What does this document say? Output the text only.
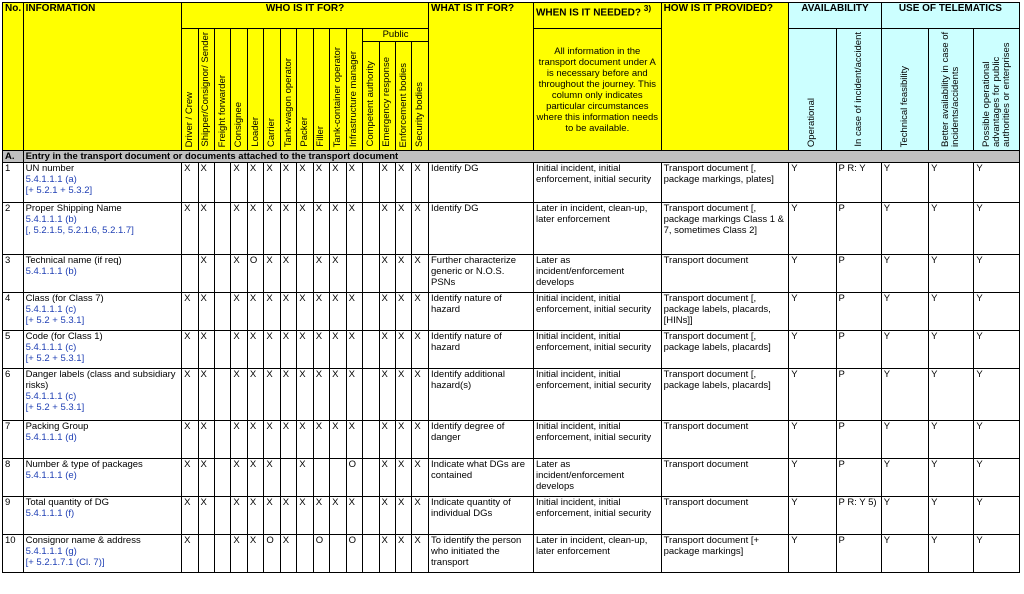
No.	INFORMATION	WHO IS IT FOR?															WHAT IS IT FOR?	WHEN IS IT NEEDED? $^{3)}$	HOW IS IT PROVIDED?	AVAILABILITY		USE OF TELEMATICS		
		Driver / Crew	Shipper/Consignor/ Sender	Freight forwarder	Consignee	Loader	Carrier	Tank-wagon operator	Packer	Filler	Tank-container operator	Infrastructure manager	Public					All information in the transport document under A is necessary before and throughout the journey. This column only indicates particular circumstances where this information needs to be available.		Operational	In case of incident/accident	Technical feasibility	Better availability in case of incidents/accidents	Possible operational advantages for public authorities or enterprises
													Competent authority	Emergency response	Enforcement bodies	Security bodies								
A.	Entry in the transport document or documents attached to the transport document																							
1	UN number
5.4.1.1.1 (a)
[+ 5.2.1 + 5.3.2]	X	X		X	X	X	X	X	X	X	X		X	X	X	Identify DG	Initial incident, initial enforcement, initial security	Transport document [, package markings, plates]	Y	P R: Y	Y	Y	Y
2	Proper Shipping Name
5.4.1.1.1 (b)
[, 5.2.1.5, 5.2.1.6, 5.2.1.7]	X	X		X	X	X	X	X	X	X	X		X	X	X	Identify DG	Later in incident, clean-up, later enforcement	Transport document [, package markings Class 1 & 7, sometimes Class 2]	Y	P	Y	Y	Y
3	Technical name (if req)
5.4.1.1.1 (b)		X		X	O	X	X		X	X			X	X	X	Further characterize generic or N.O.S. PSNs	Later as incident/enforcement develops	Transport document	Y	P	Y	Y	Y
4	Class (for Class 7)
5.4.1.1.1 (c)
[+ 5.2 + 5.3.1]	X	X		X	X	X	X	X	X	X	X		X	X	X	Identify nature of hazard	Initial incident, initial enforcement, initial security	Transport document [, package labels, placards, [HINs]]	Y	P	Y	Y	Y
5	Code (for Class 1)
5.4.1.1.1 (c)
[+ 5.2 + 5.3.1]	X	X		X	X	X	X	X	X	X	X		X	X	X	Identify nature of hazard	Initial incident, initial enforcement, initial security	Transport document [, package labels, placards]	Y	P	Y	Y	Y
6	Danger labels (class and subsidiary risks)
5.4.1.1.1 (c)
[+ 5.2 + 5.3.1]	X	X		X	X	X	X	X	X	X	X		X	X	X	Identify additional hazard(s)	Initial incident, initial enforcement, initial security	Transport document [, package labels, placards]	Y	P	Y	Y	Y
7	Packing Group
5.4.1.1.1 (d)	X	X		X	X	X	X	X	X	X	X		X	X	X	Identify degree of danger	Initial incident, initial enforcement, initial security	Transport document	Y	P	Y	Y	Y
8	Number & type of packages
5.4.1.1.1 (e)	X	X		X	X	X		X			O		X	X	X	Indicate what DGs are contained	Later as incident/enforcement develops	Transport document	Y	P	Y	Y	Y
9	Total quantity of DG
5.4.1.1.1 (f)	X	X		X	X	X	X	X	X	X	X		X	X	X	Indicate quantity of individual DGs	Initial incident, initial enforcement, initial security	Transport document	Y	P R: Y 5)	Y	Y	Y
10	Consignor name & address
5.4.1.1.1 (g)
[+ 5.2.1.7.1 (Cl. 7)]	X			X	X	O	X		O		O		X	X	X	To identify the person who initiated the transport	Later in incident, clean-up, later enforcement	Transport document [+ package markings]	Y	P	Y	Y	Y
